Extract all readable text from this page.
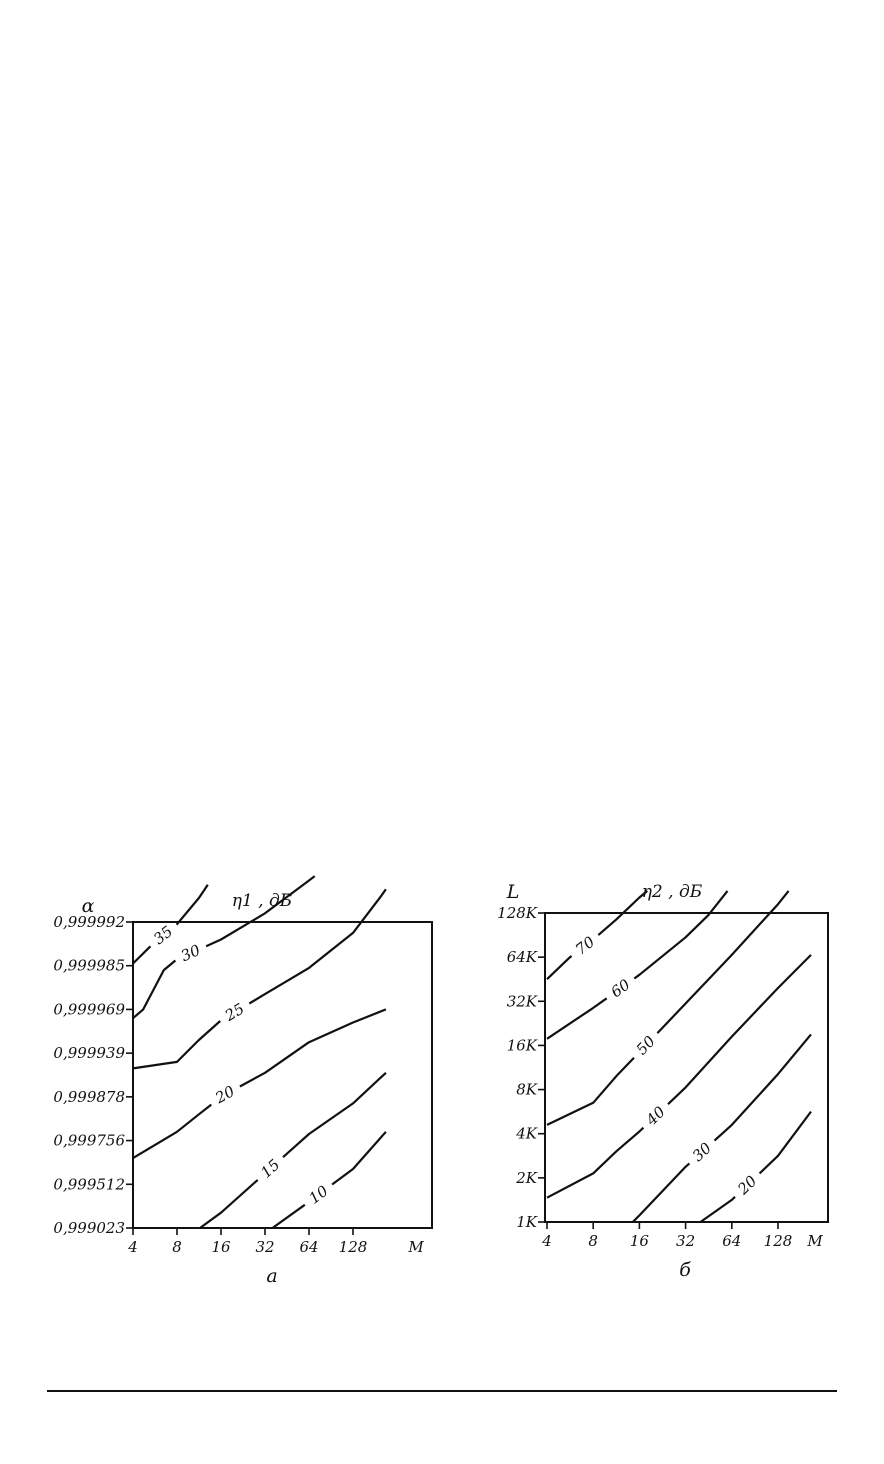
0,999023
0,999512
0,999756
0,999878
0,999939
0,999969
0,999985
0,999992
4 8 16 32 64 128	M
α	η1 , дБ
а
35
30
25
20
15
10
1K
2K
4K
8K
16K
32K
64K
128K
4 8 16 32 64 128 M
L	η2 , дБ
б
70
60
50
40
30
20
